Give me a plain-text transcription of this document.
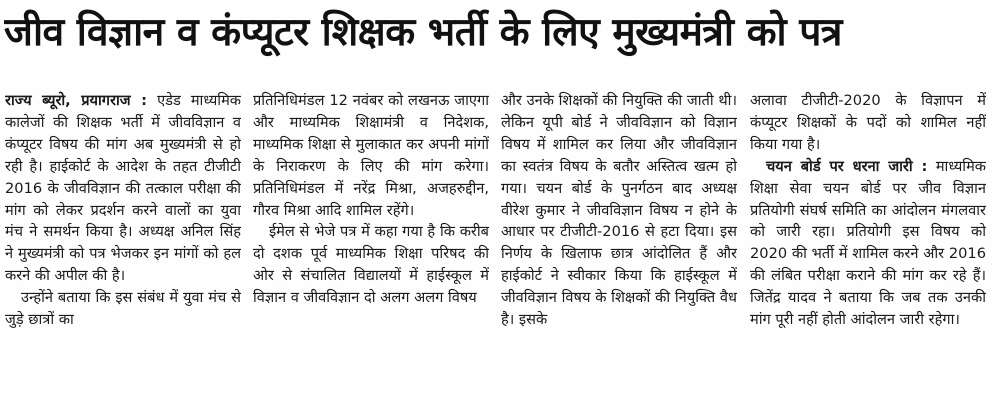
जीव विज्ञान व कंप्यूटर शिक्षक भर्ती के लिए मुख्यमंत्री को पत्र

राज्य ब्यूरो, प्रयागराज : एडेड माध्यमिक कालेजों की शिक्षक भर्ती में जीवविज्ञान व कंप्यूटर विषय की मांग अब मुख्यमंत्री से हो रही है। हाईकोर्ट के आदेश के तहत टीजीटी 2016 के जीवविज्ञान की तत्काल परीक्षा की मांग को लेकर प्रदर्शन करने वालों का युवा मंच ने समर्थन किया है। अध्यक्ष अनिल सिंह ने मुख्यमंत्री को पत्र भेजकर इन मांगों को हल करने की अपील की है।

उन्होंने बताया कि इस संबंध में युवा मंच से जुड़े छात्रों का

प्रतिनिधिमंडल 12 नवंबर को लखनऊ जाएगा और माध्यमिक शिक्षामंत्री व निदेशक, माध्यमिक शिक्षा से मुलाकात कर अपनी मांगों के निराकरण के लिए की मांग करेगा। प्रतिनिधिमंडल में नरेंद्र मिश्रा, अजहरुद्दीन, गौरव मिश्रा आदि शामिल रहेंगे।

ईमेल से भेजे पत्र में कहा गया है कि करीब दो दशक पूर्व माध्यमिक शिक्षा परिषद की ओर से संचालित विद्यालयों में हाईस्कूल में विज्ञान व जीवविज्ञान दो अलग अलग विषय

और उनके शिक्षकों की नियुक्ति की जाती थी। लेकिन यूपी बोर्ड ने जीवविज्ञान को विज्ञान विषय में शामिल कर लिया और जीवविज्ञान का स्वतंत्र विषय के बतौर अस्तित्व खत्म हो गया। चयन बोर्ड के पुनर्गठन बाद अध्यक्ष वीरेश कुमार ने जीवविज्ञान विषय न होने के आधार पर टीजीटी-2016 से हटा दिया। इस निर्णय के खिलाफ छात्र आंदोलित हैं और हाईकोर्ट ने स्वीकार किया कि हाईस्कूल में जीवविज्ञान विषय के शिक्षकों की नियुक्ति वैध है। इसके

अलावा टीजीटी-2020 के विज्ञापन में कंप्यूटर शिक्षकों के पदों को शामिल नहीं किया गया है।

चयन बोर्ड पर धरना जारी : माध्यमिक शिक्षा सेवा चयन बोर्ड पर जीव विज्ञान प्रतियोगी संघर्ष समिति का आंदोलन मंगलवार को जारी रहा। प्रतियोगी इस विषय को 2020 की भर्ती में शामिल करने और 2016 की लंबित परीक्षा कराने की मांग कर रहे हैं। जितेंद्र यादव ने बताया कि जब तक उनकी मांग पूरी नहीं होती आंदोलन जारी रहेगा।
